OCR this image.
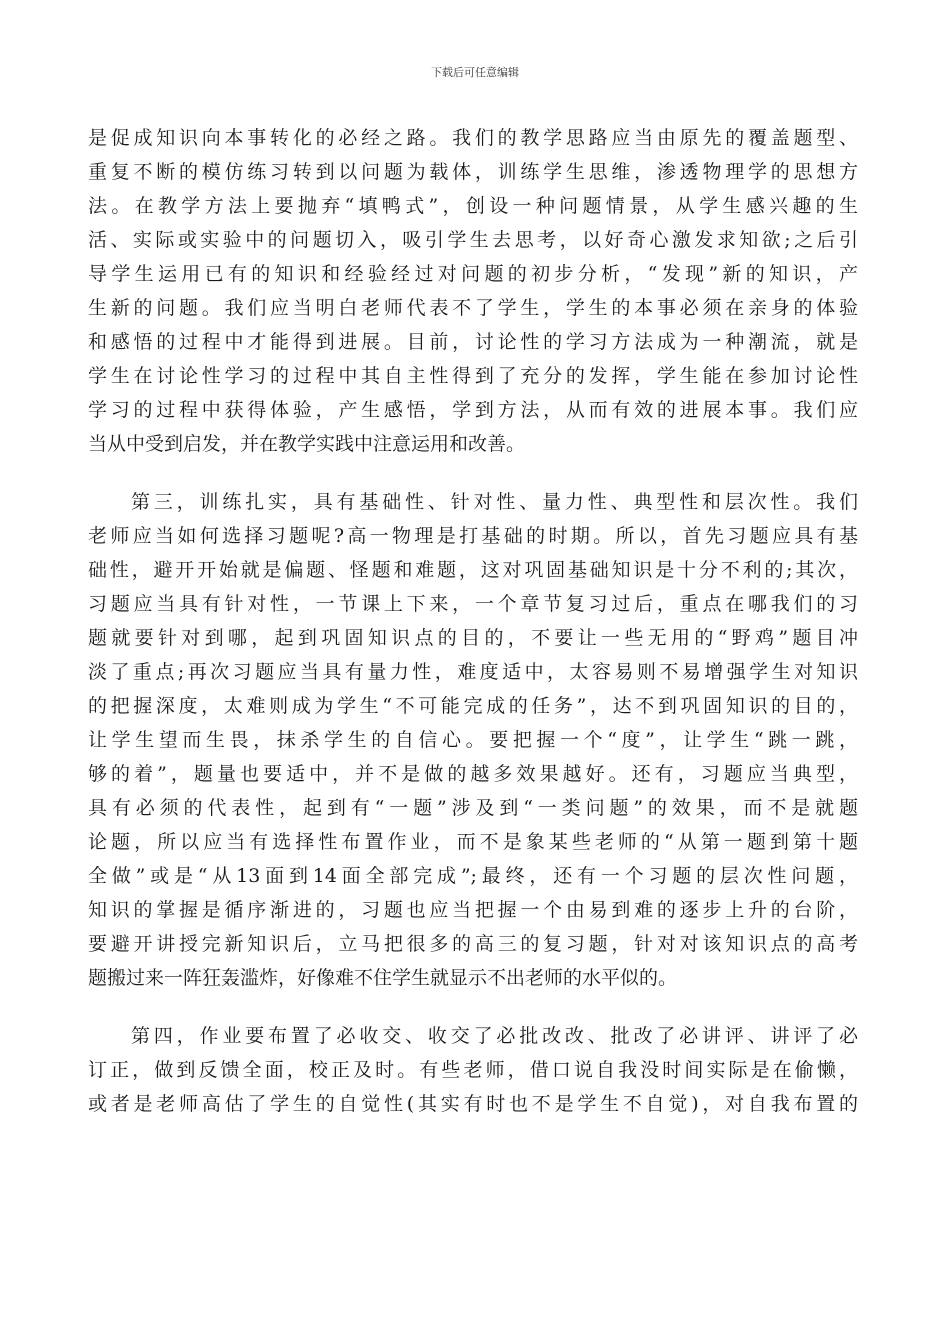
下载后可任意编辑
是促成知识向本事转化的必经之路。我们的教学思路应当由原先的覆盖题型、
重复不断的模仿练习转到以问题为载体，训练学生思维，渗透物理学的思想方
法。在教学方法上要抛弃“填鸭式”，创设一种问题情景，从学生感兴趣的生
活、实际或实验中的问题切入，吸引学生去思考，以好奇心激发求知欲;之后引
导学生运用已有的知识和经验经过对问题的初步分析，“发现”新的知识，产
生新的问题。我们应当明白老师代表不了学生，学生的本事必须在亲身的体验
和感悟的过程中才能得到进展。目前，讨论性的学习方法成为一种潮流，就是
学生在讨论性学习的过程中其自主性得到了充分的发挥，学生能在参加讨论性
学习的过程中获得体验，产生感悟，学到方法，从而有效的进展本事。我们应
当从中受到启发，并在教学实践中注意运用和改善。
第三，训练扎实，具有基础性、针对性、量力性、典型性和层次性。我们
老师应当如何选择习题呢?高一物理是打基础的时期。所以，首先习题应具有基
础性，避开开始就是偏题、怪题和难题，这对巩固基础知识是十分不利的;其次，
习题应当具有针对性，一节课上下来，一个章节复习过后，重点在哪我们的习
题就要针对到哪，起到巩固知识点的目的，不要让一些无用的“野鸡”题目冲
淡了重点;再次习题应当具有量力性，难度适中，太容易则不易增强学生对知识
的把握深度，太难则成为学生“不可能完成的任务”，达不到巩固知识的目的，
让学生望而生畏，抹杀学生的自信心。要把握一个“度”，让学生“跳一跳，
够的着”，题量也要适中，并不是做的越多效果越好。还有，习题应当典型，
具有必须的代表性，起到有“一题”涉及到“一类问题”的效果，而不是就题
论题，所以应当有选择性布置作业，而不是象某些老师的“从第一题到第十题
全做”或是“从13面到14面全部完成”;最终，还有一个习题的层次性问题，
知识的掌握是循序渐进的，习题也应当把握一个由易到难的逐步上升的台阶，
要避开讲授完新知识后，立马把很多的高三的复习题，针对对该知识点的高考
题搬过来一阵狂轰滥炸，好像难不住学生就显示不出老师的水平似的。
第四，作业要布置了必收交、收交了必批改改、批改了必讲评、讲评了必
订正，做到反馈全面，校正及时。有些老师，借口说自我没时间实际是在偷懒，
或者是老师高估了学生的自觉性(其实有时也不是学生不自觉)，对自我布置的
